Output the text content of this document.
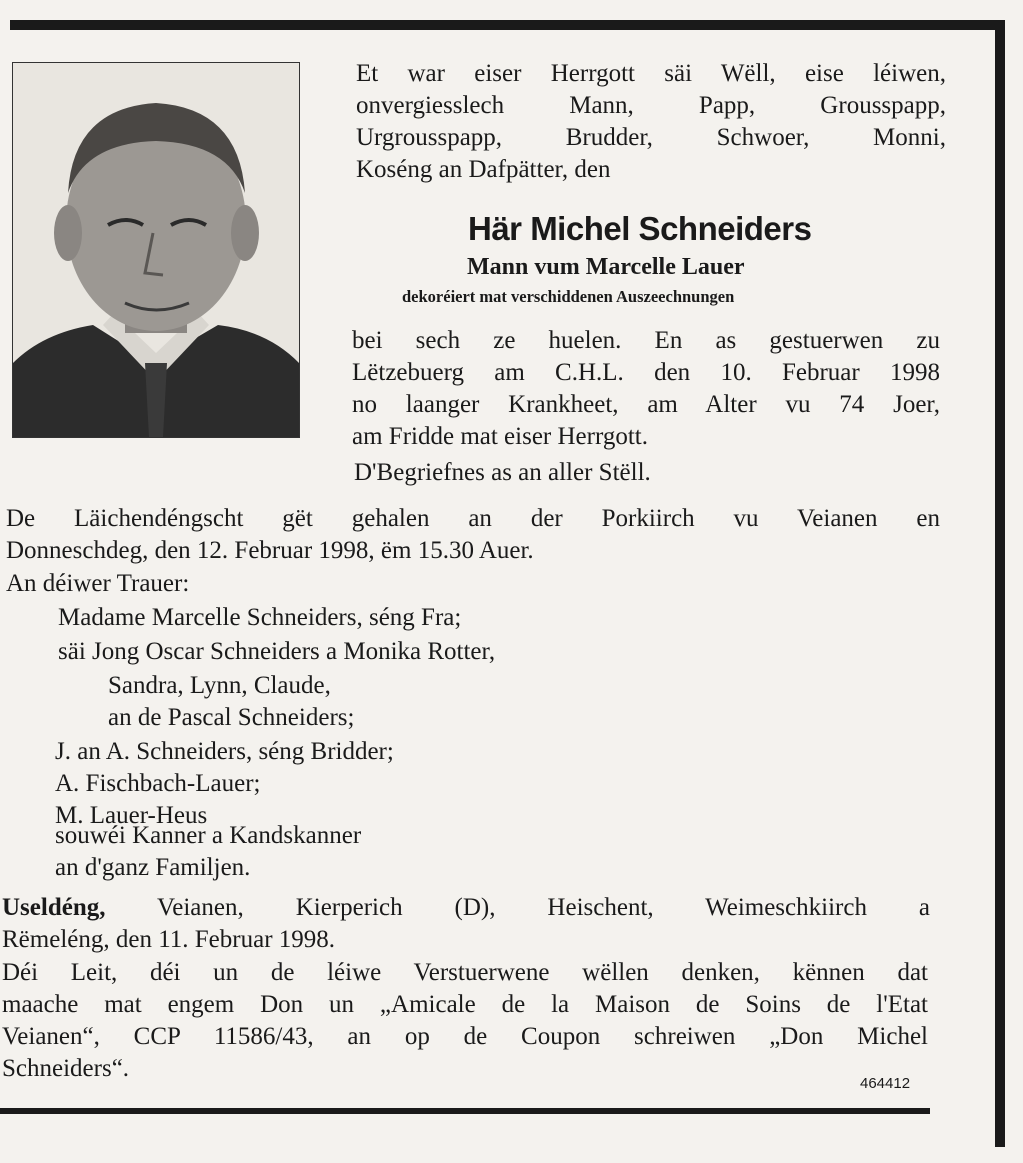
Et war eiser Herrgott säi Wëll, eise léiwen,
onvergiesslech Mann, Papp, Grousspapp,
Urgrousspapp, Brudder, Schwoer, Monni,
Koséng an Dafpätter, den
Här Michel Schneiders
Mann vum Marcelle Lauer
dekoréiert mat verschiddenen Auszeechnungen
bei sech ze huelen. En as gestuerwen zu
Lëtzebuerg am C.H.L. den 10. Februar 1998
no laanger Krankheet, am Alter vu 74 Joer,
am Fridde mat eiser Herrgott.
D'Begriefnes as an aller Stëll.
De Läichendéngscht gët gehalen an der Porkiirch vu Veianen en
Donneschdeg, den 12. Februar 1998, ëm 15.30 Auer.
An déiwer Trauer:
Madame Marcelle Schneiders, séng Fra;
säi Jong Oscar Schneiders a Monika Rotter,
Sandra, Lynn, Claude,
an de Pascal Schneiders;
J. an A. Schneiders, séng Bridder;
A. Fischbach-Lauer;
M. Lauer-Heus
souwéi Kanner a Kandskanner
an d'ganz Familjen.
Useldéng, Veianen, Kierperich (D), Heischent, Weimeschkiirch a
Rëmeléng, den 11. Februar 1998.
Déi Leit, déi un de léiwe Verstuerwene wëllen denken, kënnen dat
maache mat engem Don un „Amicale de la Maison de Soins de l'Etat
Veianen“, CCP 11586/43, an op de Coupon schreiwen „Don Michel
Schneiders“.
464412
